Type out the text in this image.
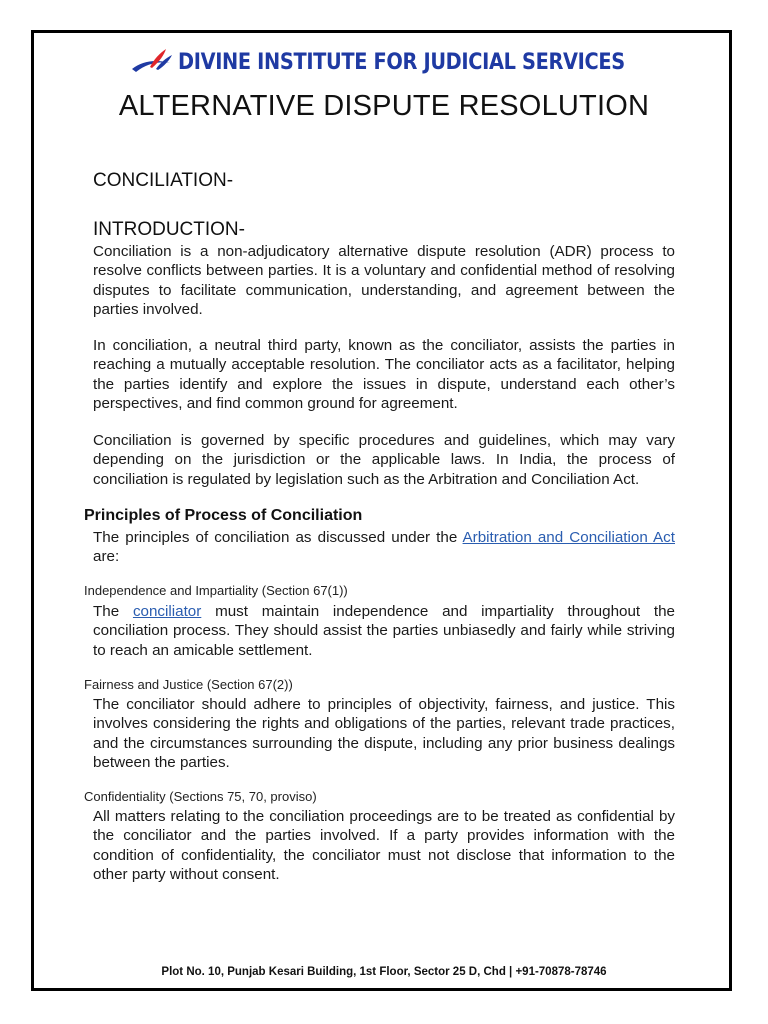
DIVINE INSTITUTE FOR JUDICIAL SERVICES
ALTERNATIVE DISPUTE RESOLUTION
CONCILIATION-
INTRODUCTION-

Conciliation is a non-adjudicatory alternative dispute resolution (ADR) process to resolve conflicts between parties. It is a voluntary and confidential method of resolving disputes to facilitate communication, understanding, and agreement between the parties involved.

In conciliation, a neutral third party, known as the conciliator, assists the parties in reaching a mutually acceptable resolution. The conciliator acts as a facilitator, helping the parties identify and explore the issues in dispute, understand each other’s perspectives, and find common ground for agreement.

Conciliation is governed by specific procedures and guidelines, which may vary depending on the jurisdiction or the applicable laws. In India, the process of conciliation is regulated by legislation such as the Arbitration and Conciliation Act.

Principles of Process of Conciliation

The principles of conciliation as discussed under the Arbitration and Conciliation Act are:

Independence and Impartiality (Section 67(1))

The conciliator must maintain independence and impartiality throughout the conciliation process. They should assist the parties unbiasedly and fairly while striving to reach an amicable settlement.

Fairness and Justice (Section 67(2))

The conciliator should adhere to principles of objectivity, fairness, and justice. This involves considering the rights and obligations of the parties, relevant trade practices, and the circumstances surrounding the dispute, including any prior business dealings between the parties.

Confidentiality (Sections 75, 70, proviso)

All matters relating to the conciliation proceedings are to be treated as confidential by the conciliator and the parties involved. If a party provides information with the condition of confidentiality, the conciliator must not disclose that information to the other party without consent.

Plot No. 10, Punjab Kesari Building, 1st Floor, Sector 25 D, Chd | +91-70878-78746
